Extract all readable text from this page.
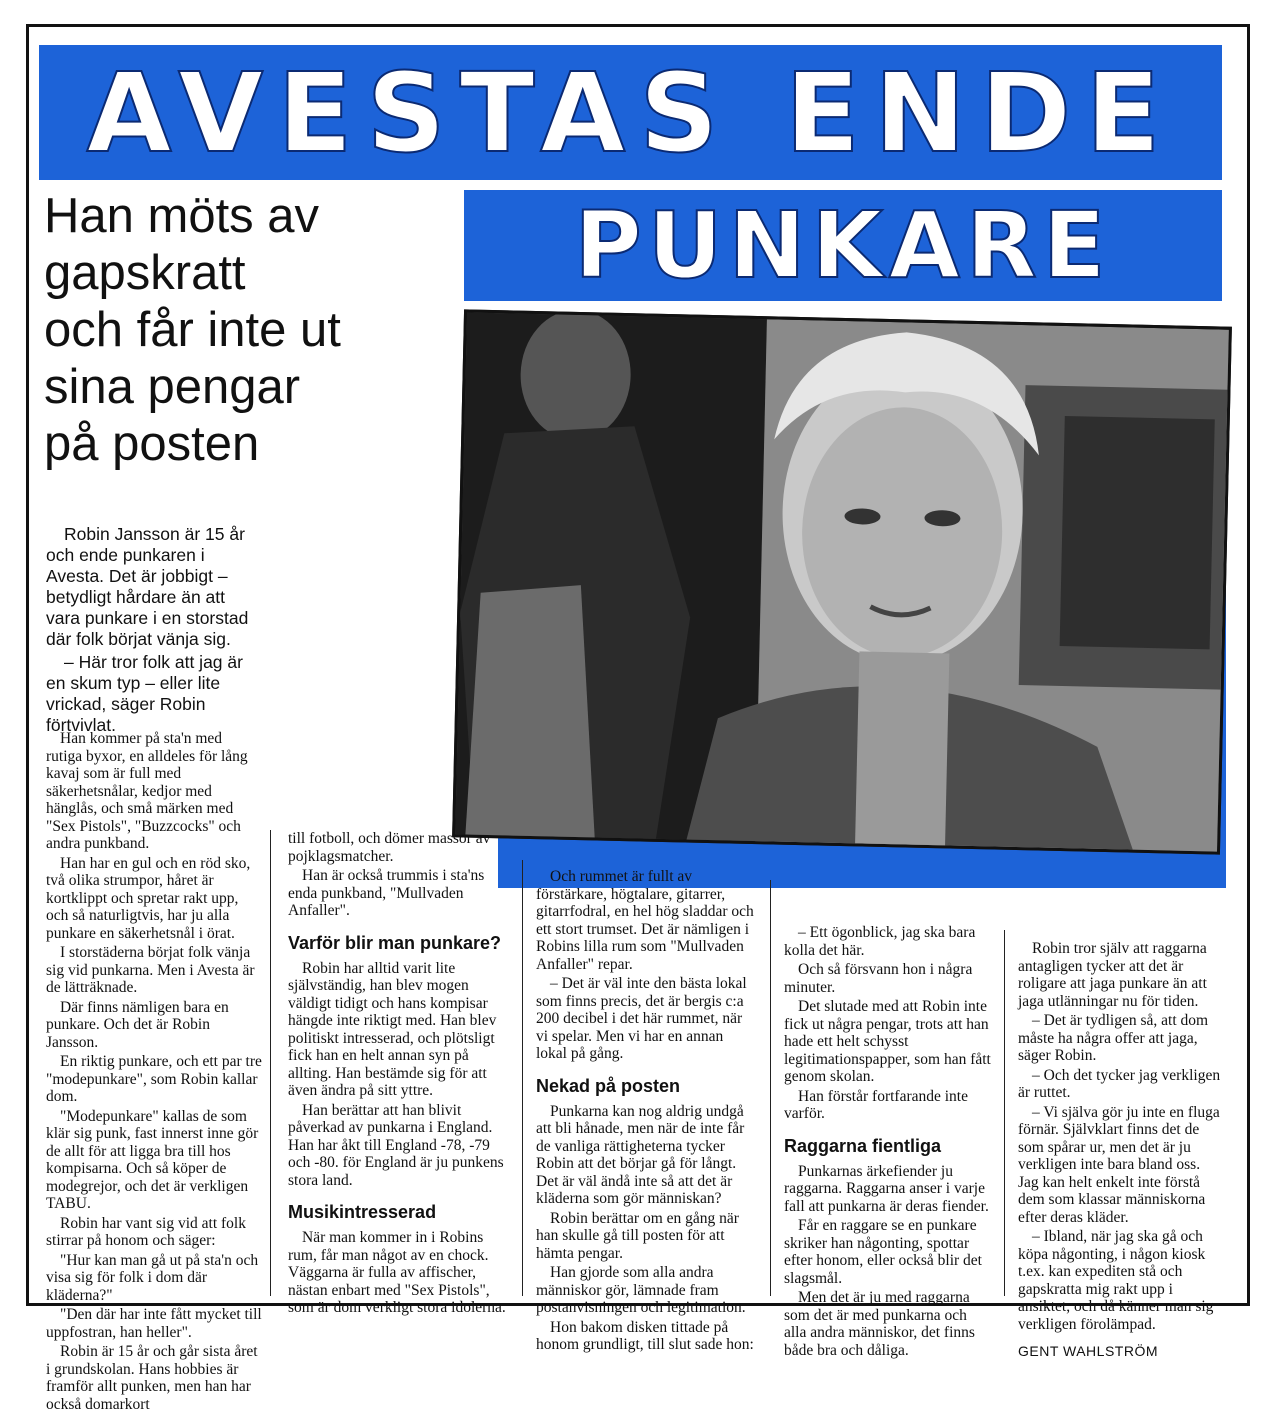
AVESTAS ENDE
PUNKARE
Han möts av
gapskratt
och får inte ut
sina pengar
på posten

Robin Jansson är 15 år och ende punkaren i Avesta. Det är jobbigt – betydligt hårdare än att vara punkare i en storstad där folk börjat vänja sig.

– Här tror folk att jag är en skum typ – eller lite vrickad, säger Robin förtvivlat.

Han kommer på sta'n med rutiga byxor, en alldeles för lång kavaj som är full med säkerhetsnålar, kedjor med hänglås, och små märken med "Sex Pistols", "Buzzcocks" och andra punkband.

Han har en gul och en röd sko, två olika strumpor, håret är kortklippt och spretar rakt upp, och så naturligtvis, har ju alla punkare en säkerhetsnål i örat.

I storstäderna börjat folk vänja sig vid punkarna. Men i Avesta är de lätträknade.

Där finns nämligen bara en punkare. Och det är Robin Jansson.

En riktig punkare, och ett par tre "modepunkare", som Robin kallar dom.

"Modepunkare" kallas de som klär sig punk, fast innerst inne gör de allt för att ligga bra till hos kompisarna. Och så köper de modegrejor, och det är verkligen TABU.

Robin har vant sig vid att folk stirrar på honom och säger:

"Hur kan man gå ut på sta'n och visa sig för folk i dom där kläderna?"

"Den där har inte fått mycket till uppfostran, han heller".

Robin är 15 år och går sista året i grundskolan. Hans hobbies är framför allt punken, men han har också domarkort

till fotboll, och dömer massor av pojklagsmatcher.

Han är också trummis i sta'ns enda punkband, "Mullvaden Anfaller".

Varför blir man punkare?

Robin har alltid varit lite självständig, han blev mogen väldigt tidigt och hans kompisar hängde inte riktigt med. Han blev politiskt intresserad, och plötsligt fick han en helt annan syn på allting. Han bestämde sig för att även ändra på sitt yttre.

Han berättar att han blivit påverkad av punkarna i England. Han har åkt till England -78, -79 och -80. för England är ju punkens stora land.

Musikintresserad

När man kommer in i Robins rum, får man något av en chock. Väggarna är fulla av affischer, nästan enbart med "Sex Pistols", som är dom verkligt stora idolerna.

Och rummet är fullt av förstärkare, högtalare, gitarrer, gitarrfodral, en hel hög sladdar och ett stort trumset. Det är nämligen i Robins lilla rum som "Mullvaden Anfaller" repar.

– Det är väl inte den bästa lokal som finns precis, det är bergis c:a 200 decibel i det här rummet, när vi spelar. Men vi har en annan lokal på gång.

Nekad på posten

Punkarna kan nog aldrig undgå att bli hånade, men när de inte får de vanliga rättigheterna tycker Robin att det börjar gå för långt. Det är väl ändå inte så att det är kläderna som gör människan?

Robin berättar om en gång när han skulle gå till posten för att hämta pengar.

Han gjorde som alla andra människor gör, lämnade fram postanvisningen och legitimation.

Hon bakom disken tittade på honom grundligt, till slut sade hon:

– Ett ögonblick, jag ska bara kolla det här.

Och så försvann hon i några minuter.

Det slutade med att Robin inte fick ut några pengar, trots att han hade ett helt schysst legitimationspapper, som han fått genom skolan.

Han förstår fortfarande inte varför.

Raggarna fientliga

Punkarnas ärkefiender ju raggarna. Raggarna anser i varje fall att punkarna är deras fiender.

Får en raggare se en punkare skriker han någonting, spottar efter honom, eller också blir det slagsmål.

Men det är ju med raggarna som det är med punkarna och alla andra människor, det finns både bra och dåliga.

Robin tror själv att raggarna antagligen tycker att det är roligare att jaga punkare än att jaga utlänningar nu för tiden.

– Det är tydligen så, att dom måste ha några offer att jaga, säger Robin.

– Och det tycker jag verkligen är ruttet.

– Vi själva gör ju inte en fluga förnär. Självklart finns det de som spårar ur, men det är ju verkligen inte bara bland oss. Jag kan helt enkelt inte förstå dem som klassar människorna efter deras kläder.

– Ibland, när jag ska gå och köpa någonting, i någon kiosk t.ex. kan expediten stå och gapskratta mig rakt upp i ansiktet, och då känner man sig verkligen förolämpad.

GENT WAHLSTRÖM
